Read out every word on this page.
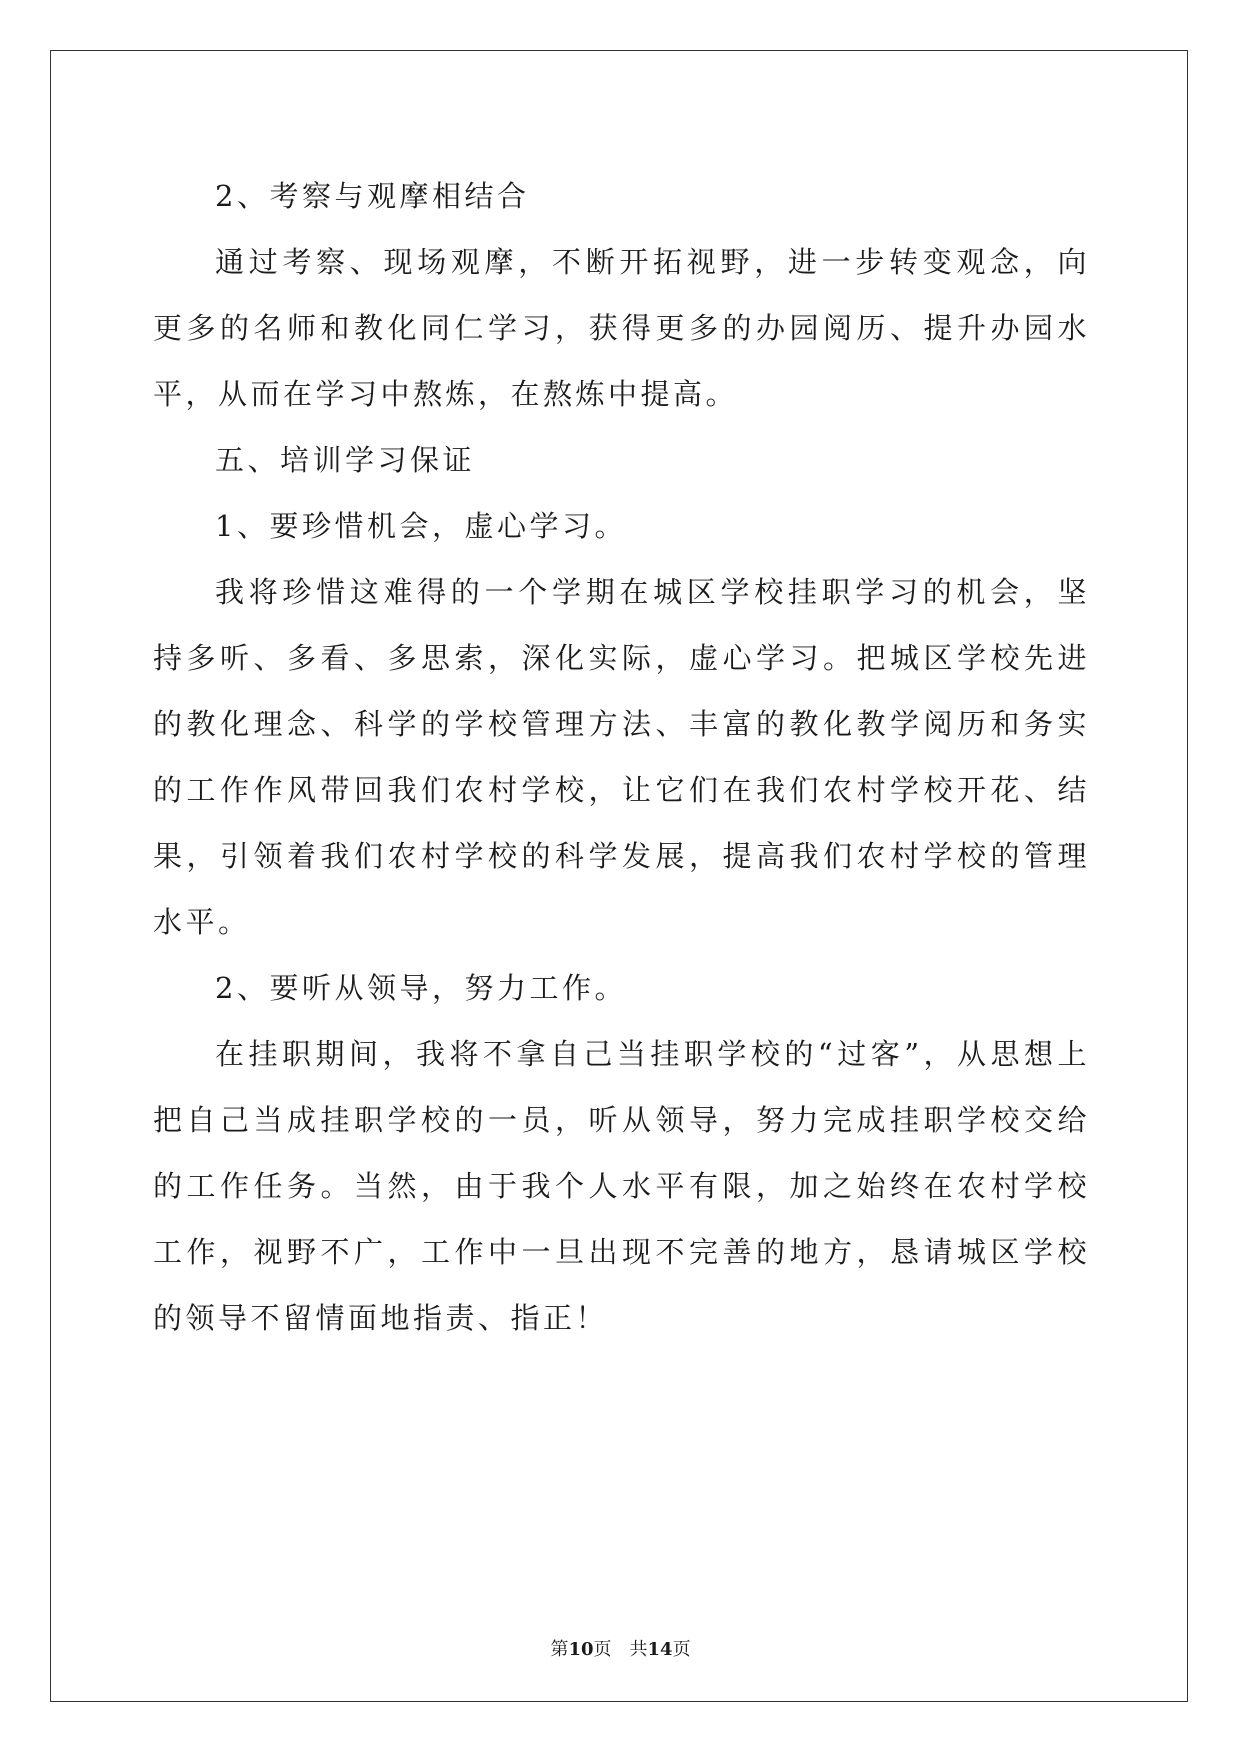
2、考察与观摩相结合

通过考察、现场观摩，不断开拓视野，进一步转变观念，向更多的名师和教化同仁学习，获得更多的办园阅历、提升办园水平，从而在学习中熬炼，在熬炼中提高。

五、培训学习保证

1、要珍惜机会，虚心学习。

我将珍惜这难得的一个学期在城区学校挂职学习的机会，坚持多听、多看、多思索，深化实际，虚心学习。把城区学校先进的教化理念、科学的学校管理方法、丰富的教化教学阅历和务实的工作作风带回我们农村学校，让它们在我们农村学校开花、结果，引领着我们农村学校的科学发展，提高我们农村学校的管理水平。

2、要听从领导，努力工作。

在挂职期间，我将不拿自己当挂职学校的“过客”，从思想上把自己当成挂职学校的一员，听从领导，努力完成挂职学校交给的工作任务。当然，由于我个人水平有限，加之始终在农村学校工作，视野不广，工作中一旦出现不完善的地方，恳请城区学校的领导不留情面地指责、指正！

第10页 共14页
